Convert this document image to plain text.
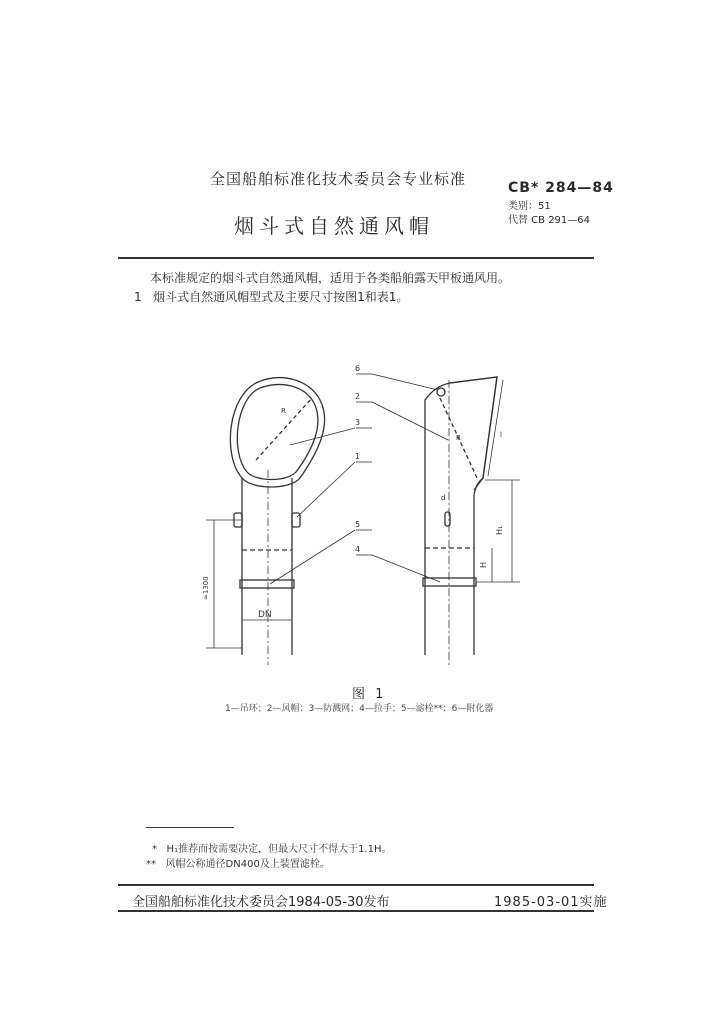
全国船舶标准化技术委员会专业标准	CB* 284—84
类别：51
代替 CB 291—64
烟斗式自然通风帽
本标准规定的烟斗式自然通风帽，适用于各类船舶露天甲板通风用。
1 烟斗式自然通风帽型式及主要尺寸按图1和表1。
6
2
3
1
5
4
DN
≈1300
R
R	l
d
H₁
H
图 1
1—吊环；2—风帽；3—防溅网；4—拉手；5—滤栓**；6—附化器
* H₁推荐而按需要决定，但最大尺寸不得大于1.1H。
** 风帽公称通径DN400及上装置滤栓。
全国船舶标准化技术委员会1984-05-30发布	1985-03-01实施
